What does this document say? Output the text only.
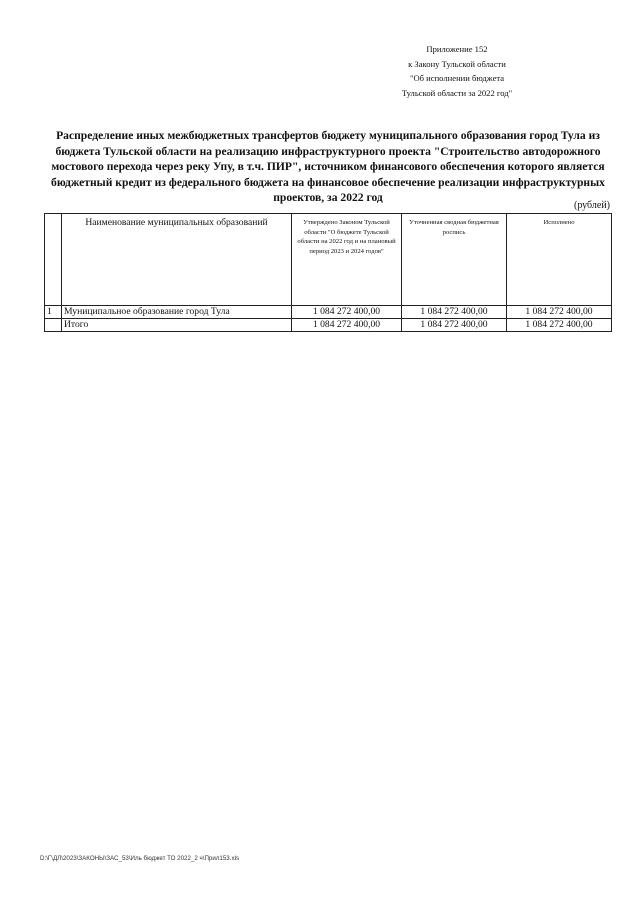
Приложение 152
к Закону Тульской области
"Об исполнении бюджета
Тульской области за 2022 год"
Распределение иных межбюджетных трансфертов бюджету муниципального образования город Тула из бюджета Тульской области на реализацию инфраструктурного проекта "Строительство автодорожного мостового перехода через реку Упу, в т.ч. ПИР", источником финансового обеспечения которого является бюджетный кредит из федерального бюджета на финансовое обеспечение реализации инфраструктурных проектов, за 2022 год
(рублей)
	Наименование муниципальных образований	Утверждено Законом Тульской области "О бюджете Тульской области на 2022 год и на плановый период 2023 и 2024 годов"	Уточненная сводная бюджетная роспись	Исполнено
1	Муниципальное образование город Тула	1 084 272 400,00	1 084 272 400,00	1 084 272 400,00
	Итого	1 084 272 400,00	1 084 272 400,00	1 084 272 400,00
D:\Г\ДЛ\2023\ЗАКОНЫ\ЗАС_53\Иль бюджет ТО 2022_2 ч\Прил153.xls
